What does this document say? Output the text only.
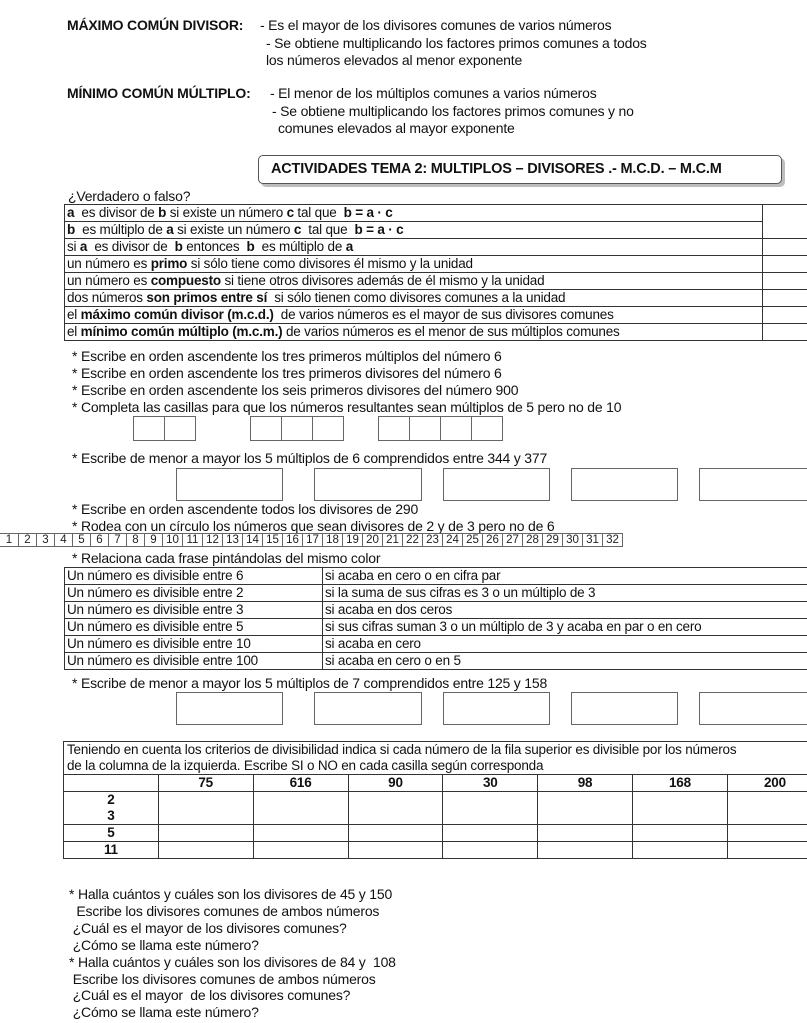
MÁXIMO COMÚN DIVISOR: - Es el mayor de los divisores comunes de varios números
- Se obtiene multiplicando los factores primos comunes a todos
los números elevados al menor exponente
MÍNIMO COMÚN MÚLTIPLO: - El menor de los múltiplos comunes a varios números
- Se obtiene multiplicando los factores primos comunes y no
comunes elevados al mayor exponente
ACTIVIDADES TEMA 2: MULTIPLOS – DIVISORES .- M.C.D. – M.C.M
¿Verdadero o falso?
a  es divisor de b si existe un número c tal que  b = a · c	
b  es múltiplo de a si existe un número c  tal que  b = a · c	
si a  es divisor de  b entonces  b  es múltiplo de a	
un número es primo si sólo tiene como divisores él mismo y la unidad	
un número es compuesto si tiene otros divisores además de él mismo y la unidad	
dos números son primos entre sí  si sólo tienen como divisores comunes a la unidad	
el máximo común divisor (m.c.d.)  de varios números es el mayor de sus divisores comunes	
el mínimo común múltiplo (m.c.m.) de varios números es el menor de sus múltiplos comunes	
* Escribe en orden ascendente los tres primeros múltiplos del número 6
* Escribe en orden ascendente los tres primeros divisores del número 6
* Escribe en orden ascendente los seis primeros divisores del número 900
* Completa las casillas para que los números resultantes sean múltiplos de 5 pero no de 10
* Escribe de menor a mayor los 5 múltiplos de 6 comprendidos entre 344 y 377
* Escribe en orden ascendente todos los divisores de 290
* Rodea con un círculo los números que sean divisores de 2 y de 3 pero no de 6
1	2	3	4	5	6	7	8	9 10 11 12 13 14 15 16 17 18 19 20 21 22 23 24 25 26 27 28 29 30 31 32
* Relaciona cada frase pintándolas del mismo color
Un número es divisible entre 6	si acaba en cero o en cifra par
Un número es divisible entre 2	si la suma de sus cifras es 3 o un múltiplo de 3
Un número es divisible entre 3	si acaba en dos ceros
Un número es divisible entre 5	si sus cifras suman 3 o un múltiplo de 3 y acaba en par o en cero
Un número es divisible entre 10	si acaba en cero
Un número es divisible entre 100	si acaba en cero o en 5
* Escribe de menor a mayor los 5 múltiplos de 7 comprendidos entre 125 y 158
Teniendo en cuenta los criterios de divisibilidad indica si cada número de la fila superior es divisible por los números
de la columna de la izquierda. Escribe SI o NO en cada casilla según corresponda							

	75	616	90	30	98	168	200

2
3							

5							
11							
* Halla cuántos y cuáles son los divisores de 45 y 150
Escribe los divisores comunes de ambos números
¿Cuál es el mayor de los divisores comunes?
¿Cómo se llama este número?
* Halla cuántos y cuáles son los divisores de 84 y  108
Escribe los divisores comunes de ambos números
¿Cuál es el mayor  de los divisores comunes?
¿Cómo se llama este número?
